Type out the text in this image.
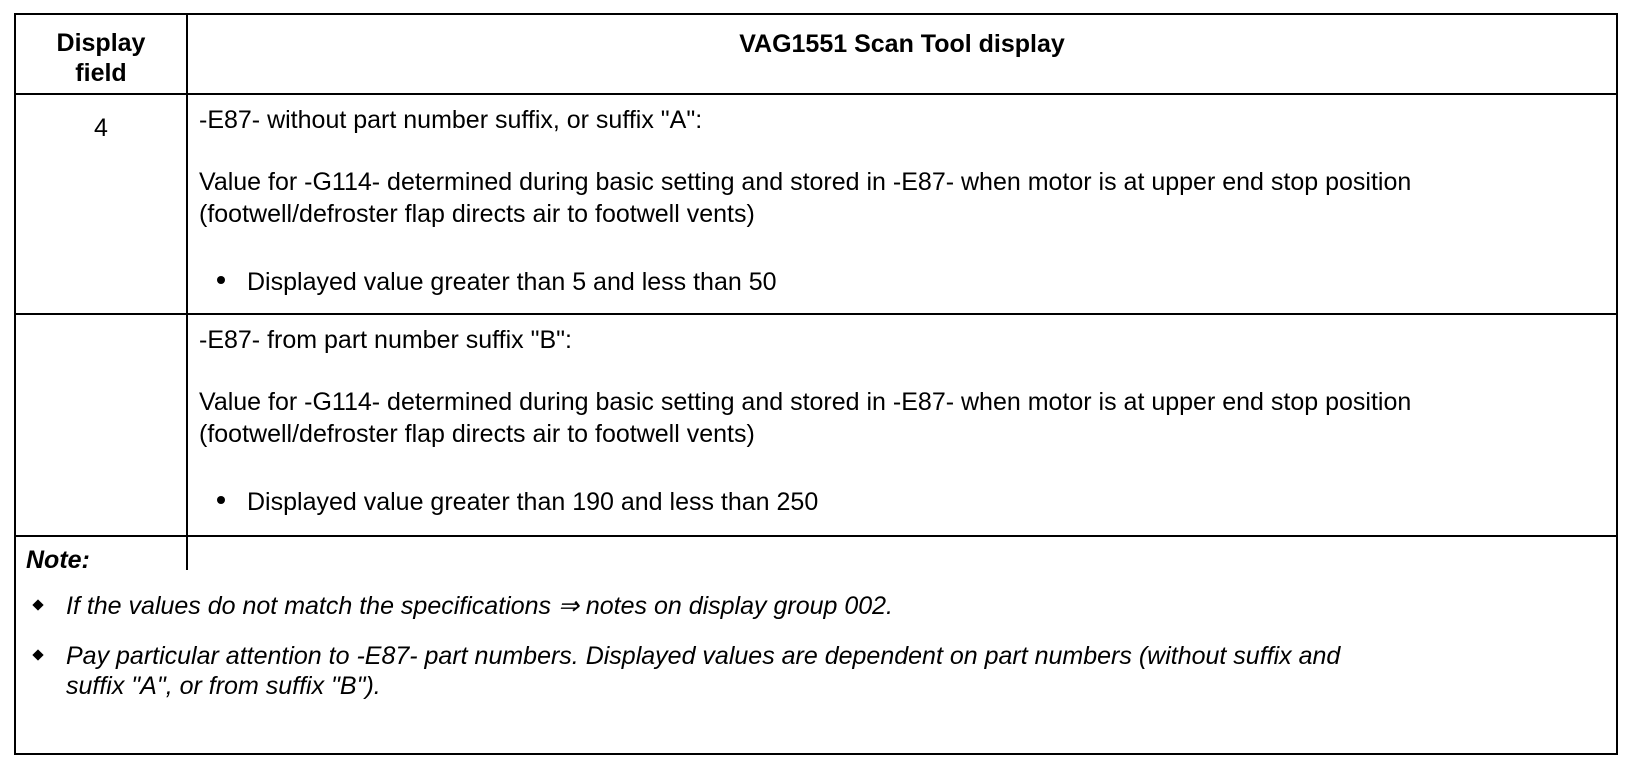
Display
field
VAG1551 Scan Tool display
4	-E87- without part number suffix, or suffix "A":
Value for -G114- determined during basic setting and stored in -E87- when motor is at upper end stop position
(footwell/defroster flap directs air to footwell vents)
Displayed value greater than 5 and less than 50
-E87- from part number suffix "B":
Value for -G114- determined during basic setting and stored in -E87- when motor is at upper end stop position
(footwell/defroster flap directs air to footwell vents)
Displayed value greater than 190 and less than 250
Note:
If the values do not match the specifications ⇒ notes on display group 002.
Pay particular attention to -E87- part numbers. Displayed values are dependent on part numbers (without suffix and
suffix "A", or from suffix "B").
